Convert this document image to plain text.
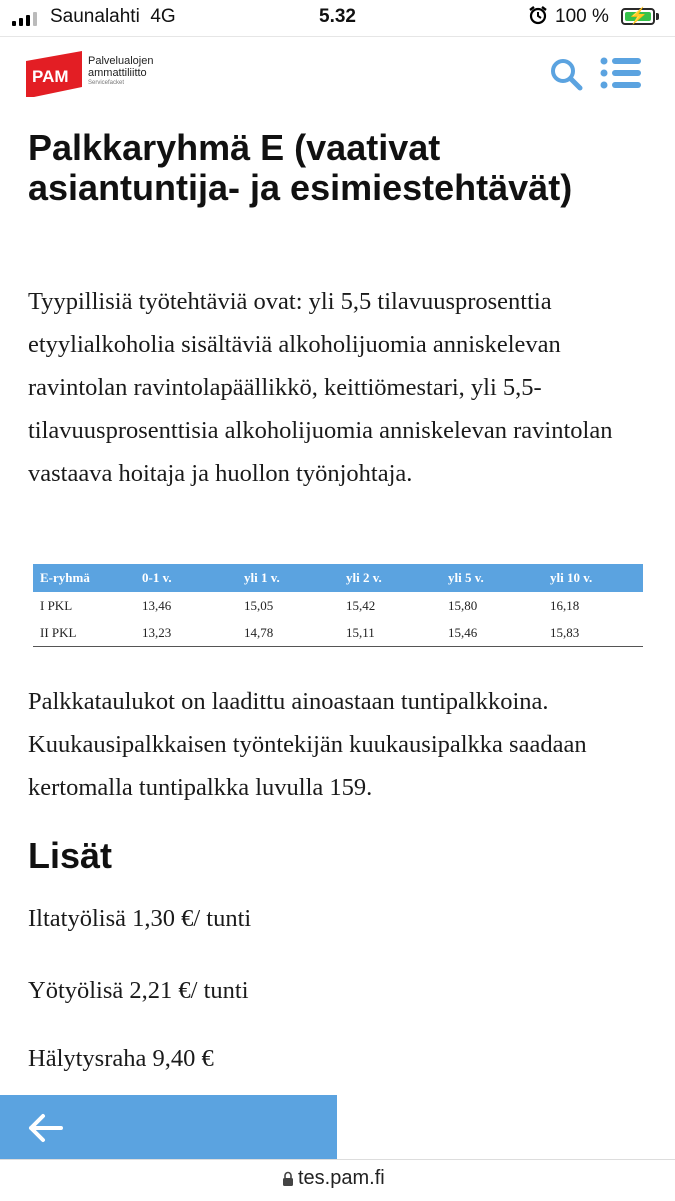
Saunalahti 4G	5.32	100 %	⚡
PAM
Palvelualojen
ammattiliitto
Servicefacket
Palkkaryhmä E (vaativat asiantuntija- ja esimiestehtävät)

Tyypillisiä työtehtäviä ovat: yli 5,5 tilavuusprosenttia etyylialkoholia sisältäviä alkoholijuomia anniskelevan ravintolan ravintolapäällikkö, keittiömestari, yli 5,5- tilavuusprosenttisia alkoholijuomia anniskelevan ravintolan vastaava hoitaja ja huollon työnjohtaja.

E-ryhmä	0-1 v.	yli 1 v.	yli 2 v.	yli 5 v.	yli 10 v.
I PKL	13,46	15,05	15,42	15,80	16,18
II PKL	13,23	14,78	15,11	15,46	15,83

Palkkataulukot on laadittu ainoastaan tuntipalkkoina. Kuukausipalkkaisen työntekijän kuukausipalkka saadaan kertomalla tuntipalkka luvulla 159.

Lisät

Iltatyölisä 1,30 €/ tunti

Yötyölisä 2,21 €/ tunti

Hälytysraha 9,40 €

tes.pam.fi
